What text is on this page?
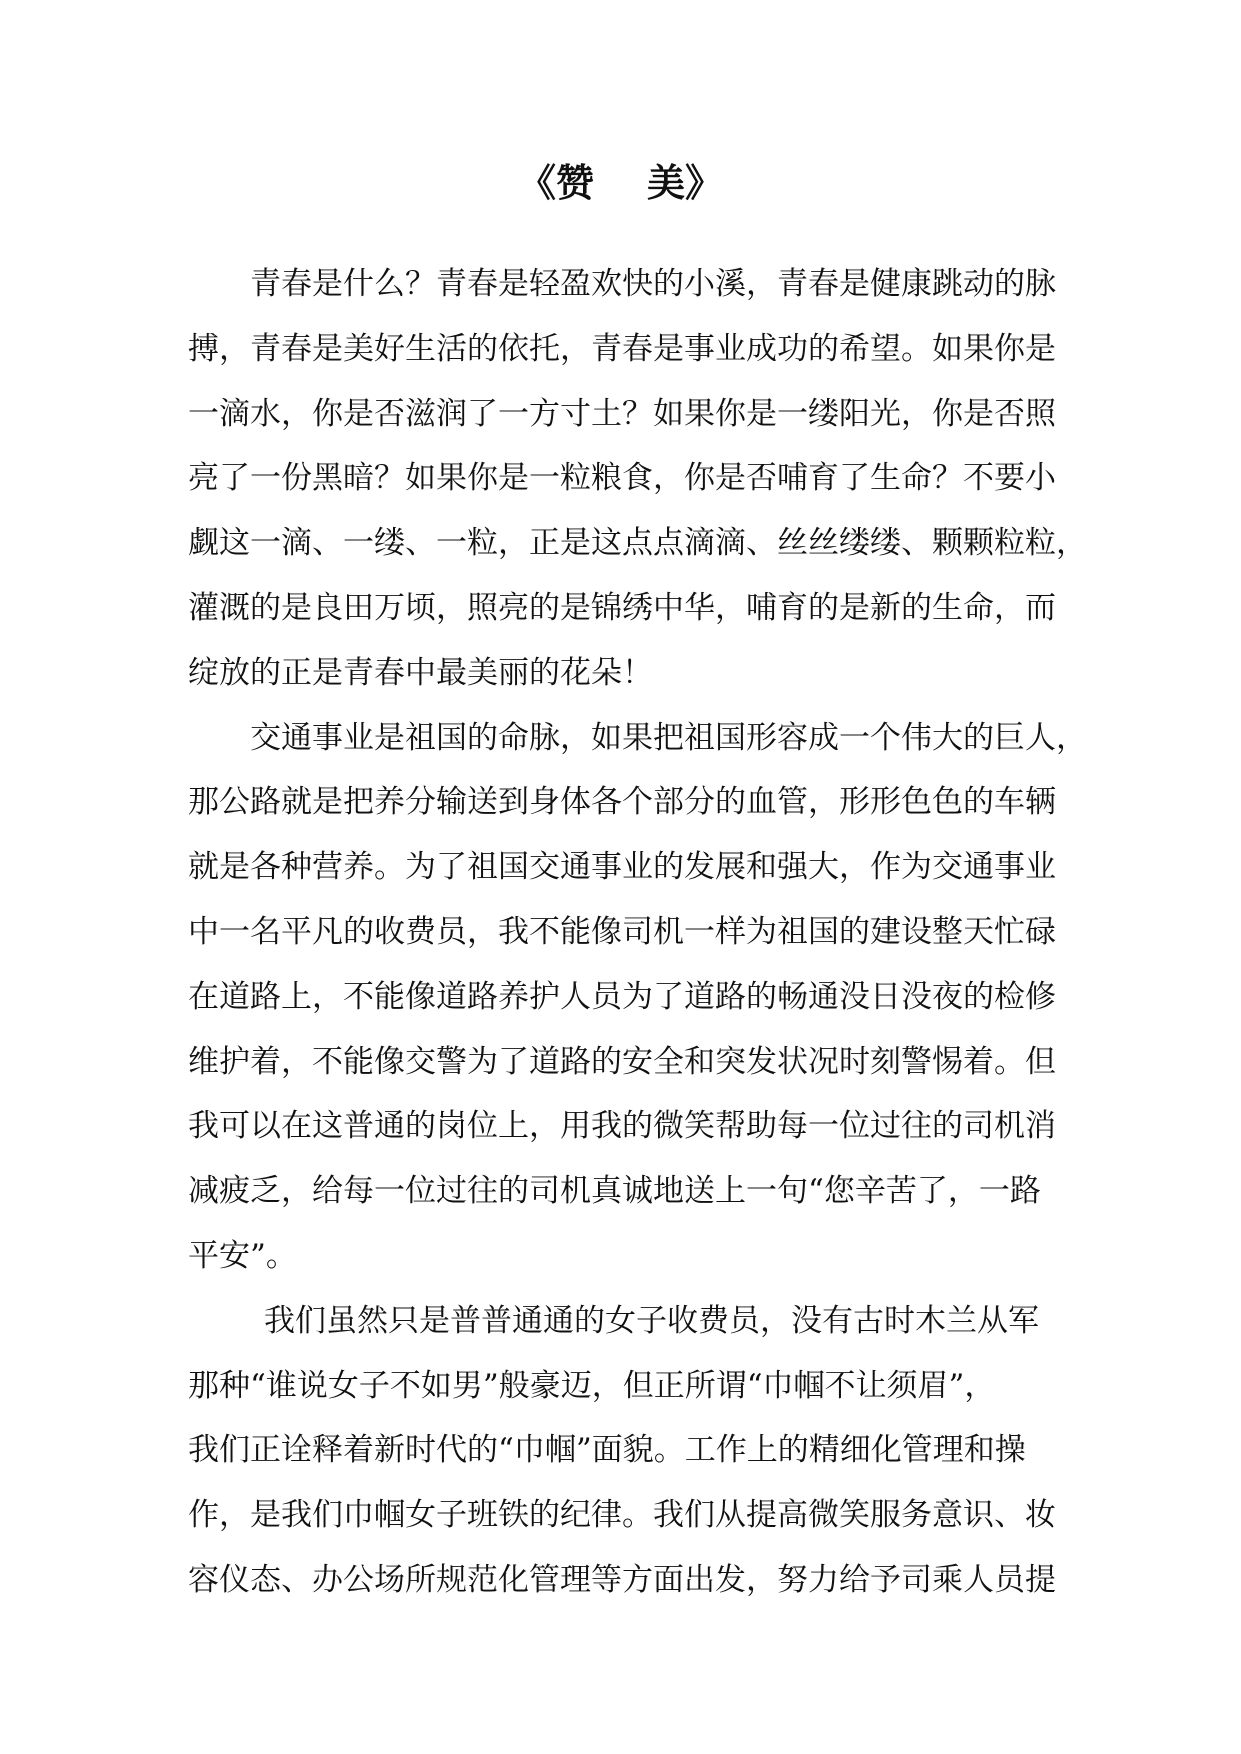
《赞    美》
青春是什么？青春是轻盈欢快的小溪，青春是健康跳动的脉
搏，青春是美好生活的依托，青春是事业成功的希望。如果你是
一滴水，你是否滋润了一方寸土？如果你是一缕阳光，你是否照
亮了一份黑暗？如果你是一粒粮食，你是否哺育了生命？不要小
觑这一滴、一缕、一粒，正是这点点滴滴、丝丝缕缕、颗颗粒粒，
灌溉的是良田万顷，照亮的是锦绣中华，哺育的是新的生命，而
绽放的正是青春中最美丽的花朵！
交通事业是祖国的命脉，如果把祖国形容成一个伟大的巨人，
那公路就是把养分输送到身体各个部分的血管，形形色色的车辆
就是各种营养。为了祖国交通事业的发展和强大，作为交通事业
中一名平凡的收费员，我不能像司机一样为祖国的建设整天忙碌
在道路上，不能像道路养护人员为了道路的畅通没日没夜的检修
维护着，不能像交警为了道路的安全和突发状况时刻警惕着。但
我可以在这普通的岗位上，用我的微笑帮助每一位过往的司机消
减疲乏，给每一位过往的司机真诚地送上一句“您辛苦了，一路
平安”。
我们虽然只是普普通通的女子收费员，没有古时木兰从军
那种“谁说女子不如男”般豪迈，但正所谓“巾帼不让须眉”，
我们正诠释着新时代的“巾帼”面貌。工作上的精细化管理和操
作，是我们巾帼女子班铁的纪律。我们从提高微笑服务意识、妆
容仪态、办公场所规范化管理等方面出发，努力给予司乘人员提
